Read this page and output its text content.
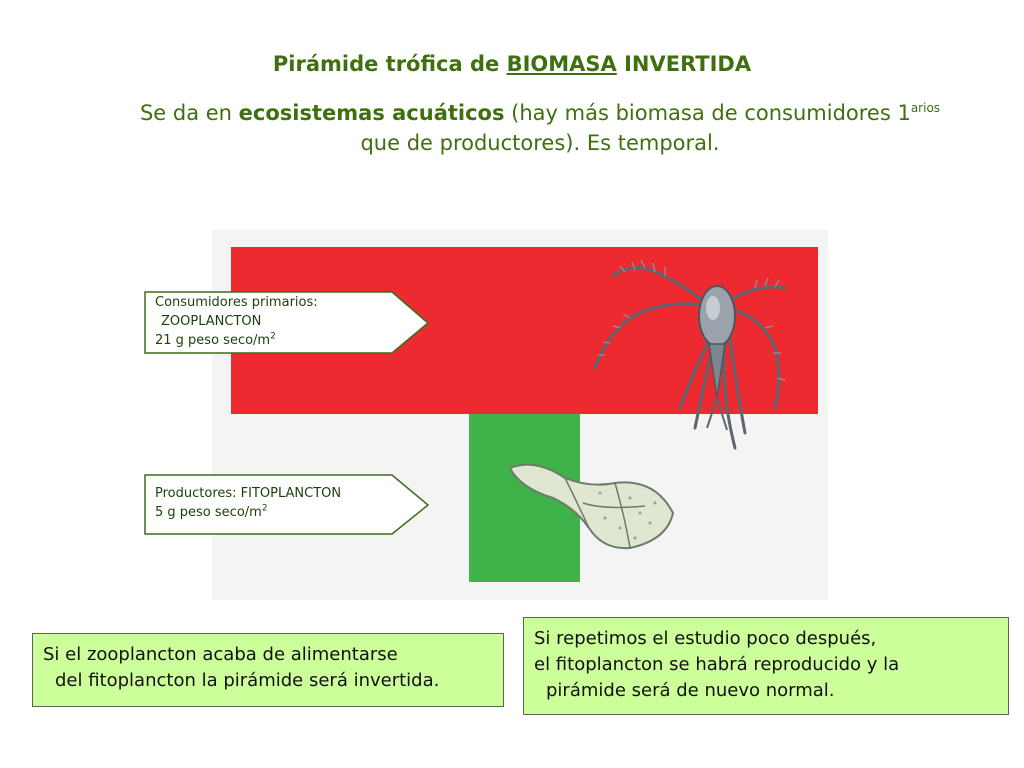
Pirámide trófica de BIOMASA INVERTIDA
Se da en ecosistemas acuáticos (hay más biomasa de consumidores $1^{arios}$
que de productores). Es temporal.
Consumidores primarios:
ZOOPLANCTON
21 g peso seco/$m^2$
Productores: FITOPLANCTON
5 g peso seco/$m^2$
Si el zooplancton acaba de alimentarse
del fitoplancton la pirámide será invertida.
Si repetimos el estudio poco después,
el fitoplancton se habrá reproducido y la
pirámide será de nuevo normal.
